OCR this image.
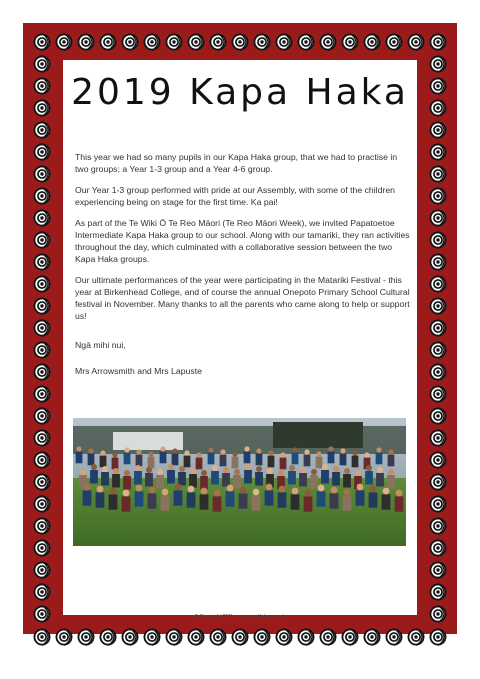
2019 Kapa Haka

This year we had so many pupils in our Kapa Haka group, that we had to practise in two groups; a Year 1-3 group and a Year 4-6 group.

Our Year 1-3 group performed with pride at our Assembly, with some of the children experiencing being on stage for the first time. Ka pai!

As part of the Te Wiki Ō Te Reo Māori (Te Reo Māori Week), we invited Papatoetoe Intermediate Kapa Haka group to our school. Along with our tamariki, they ran activities throughout the day, which culminated with a collaborative session between the two Kapa Haka groups.

Our ultimate performances of the year were participating in the Matariki Festival - this year at Birkenhead College, and of course the annual Onepoto Primary School Cultural festival in November. Many thanks to all the parents who came along to help or support us!

Ngā mihi nui,
Mrs Arrowsmith and Mrs Lapuste
© Copyright 2011, www.sparklebox.co.uk
